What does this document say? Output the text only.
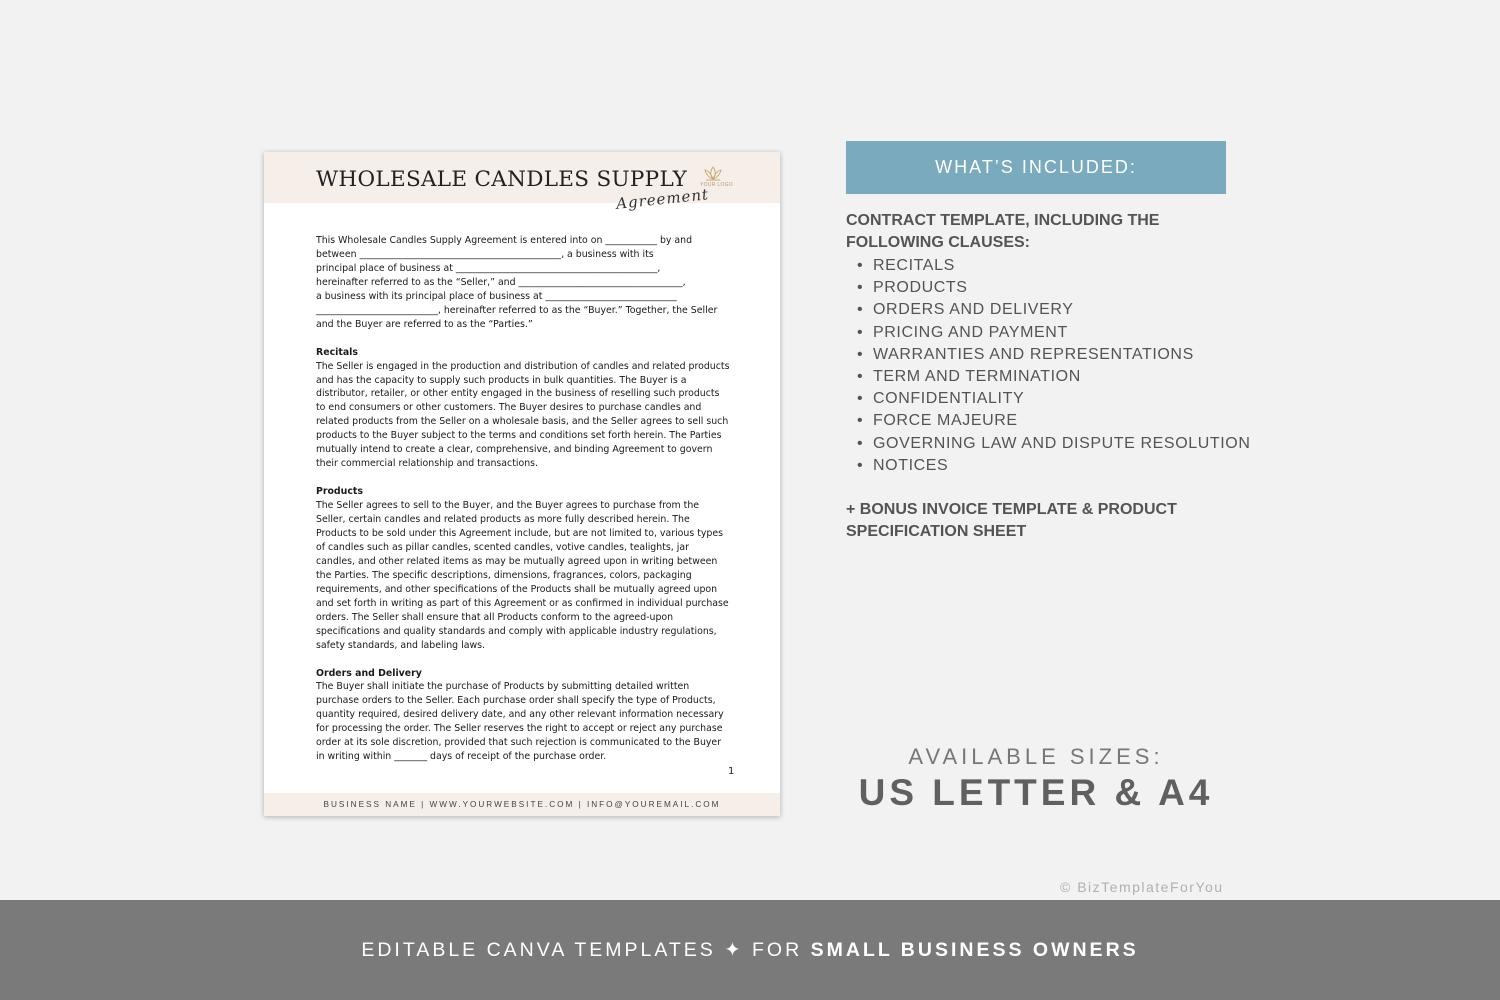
WHOLESALE CANDLES SUPPLY
Agreement
YOUR LOGO

This Wholesale Candles Supply Agreement is entered into on ___________ by and
between ___________________________________________, a business with its
principal place of business at ___________________________________________,
hereinafter referred to as the “Seller,” and ___________________________________,
a business with its principal place of business at ____________________________
__________________________, hereinafter referred to as the “Buyer.” Together, the Seller
and the Buyer are referred to as the “Parties.”

Recitals

The Seller is engaged in the production and distribution of candles and related products and has the capacity to supply such products in bulk quantities. The Buyer is a distributor, retailer, or other entity engaged in the business of reselling such products to end consumers or other customers. The Buyer desires to purchase candles and related products from the Seller on a wholesale basis, and the Seller agrees to sell such products to the Buyer subject to the terms and conditions set forth herein. The Parties mutually intend to create a clear, comprehensive, and binding Agreement to govern their commercial relationship and transactions.

Products

The Seller agrees to sell to the Buyer, and the Buyer agrees to purchase from the Seller, certain candles and related products as more fully described herein. The Products to be sold under this Agreement include, but are not limited to, various types of candles such as pillar candles, scented candles, votive candles, tealights, jar candles, and other related items as may be mutually agreed upon in writing between the Parties. The specific descriptions, dimensions, fragrances, colors, packaging requirements, and other specifications of the Products shall be mutually agreed upon and set forth in writing as part of this Agreement or as confirmed in individual purchase orders. The Seller shall ensure that all Products conform to the agreed-upon specifications and quality standards and comply with applicable industry regulations, safety standards, and labeling laws.

Orders and Delivery

The Buyer shall initiate the purchase of Products by submitting detailed written purchase orders to the Seller. Each purchase order shall specify the type of Products, quantity required, desired delivery date, and any other relevant information necessary for processing the order. The Seller reserves the right to accept or reject any purchase order at its sole discretion, provided that such rejection is communicated to the Buyer in writing within _______ days of receipt of the purchase order.

1
BUSINESS NAME | WWW.YOURWEBSITE.COM | INFO@YOUREMAIL.COM
WHAT’S INCLUDED:
CONTRACT TEMPLATE, INCLUDING THE FOLLOWING CLAUSES:
• RECITALS
• PRODUCTS
• ORDERS AND DELIVERY
• PRICING AND PAYMENT
• WARRANTIES AND REPRESENTATIONS
• TERM AND TERMINATION
• CONFIDENTIALITY
• FORCE MAJEURE
• GOVERNING LAW AND DISPUTE RESOLUTION
• NOTICES
+ BONUS INVOICE TEMPLATE & PRODUCT SPECIFICATION SHEET
AVAILABLE SIZES:
US LETTER & A4
© BizTemplateForYou
EDITABLE CANVA TEMPLATES ✦ FOR SMALL BUSINESS OWNERS
